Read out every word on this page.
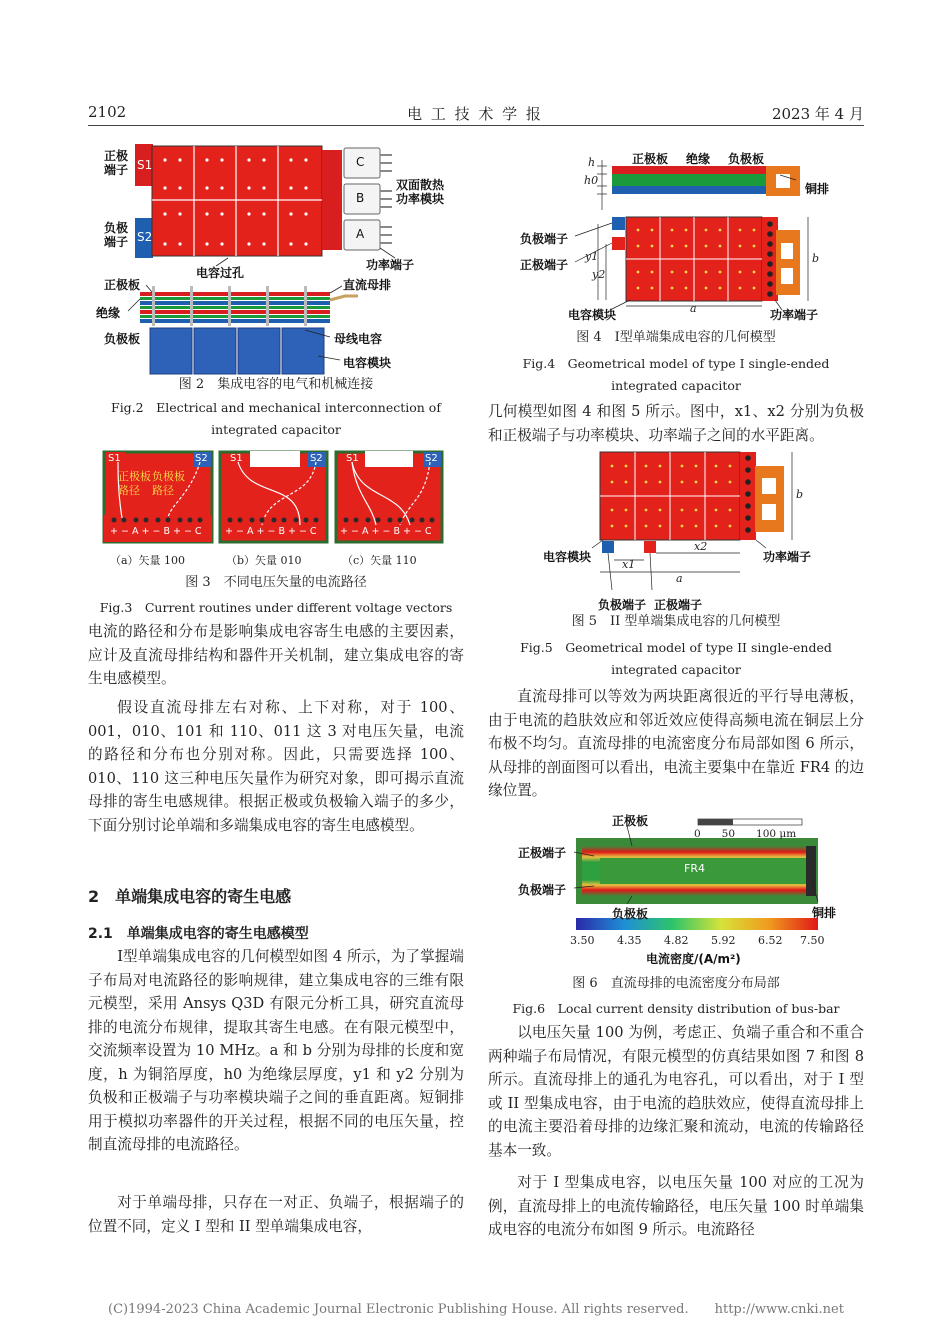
2102	电 工 技 术 学 报	2023 年 4 月
正极
端子
负极
端子
S1
S2
C
B
A
双面散热
功率模块
功率端子
电容过孔
正极板	直流母排
绝缘
负极板	母线电容
电容模块
图 2　集成电容的电气和机械连接
Fig.2　Electrical and mechanical interconnection of integrated capacitor
正极板
路径
负极板
路径
S1	S2 S1	S2 S1	S2
+ − A + − B + − C + − A + − B + − C + − A + − B + − C
（a）矢量 100	（b）矢量 010	（c）矢量 110
图 3　不同电压矢量的电流路径
Fig.3　Current routines under different voltage vectors

电流的路径和分布是影响集成电容寄生电感的主要因素，应计及直流母排结构和器件开关机制，建立集成电容的寄生电感模型。

假设直流母排左右对称、上下对称，对于 100、001，010、101 和 110、011 这 3 对电压矢量，电流的路径和分布也分别对称。因此，只需要选择 100、010、110 这三种电压矢量作为研究对象，即可揭示直流母排的寄生电感规律。根据正极或负极输入端子的多少，下面分别讨论单端和多端集成电容的寄生电感模型。

2　单端集成电容的寄生电感
2.1　单端集成电容的寄生电感模型

I型单端集成电容的几何模型如图 4 所示，为了掌握端子布局对电流路径的影响规律，建立集成电容的三维有限元模型，采用 Ansys Q3D 有限元分析工具，研究直流母排的电流分布规律，提取其寄生电感。在有限元模型中，交流频率设置为 10 MHz。a 和 b 分别为母排的长度和宽度，h 为铜箔厚度，h0 为绝缘层厚度，y1 和 y2 分别为负极和正极端子与功率模块端子之间的垂直距离。短铜排用于模拟功率器件的开关过程，根据不同的电压矢量，控制直流母排的电流路径。

对于单端母排，只存在一对正、负端子，根据端子的位置不同，定义 I 型和 II 型单端集成电容，

正极板 绝缘 负极板
铜排
负极端子
正极端子
电容模块	功率端子
h
h0
y1
y2
a
b
图 4　I型单端集成电容的几何模型
Fig.4　Geometrical model of type I single-ended integrated capacitor

几何模型如图 4 和图 5 所示。图中，x1、x2 分别为负极和正极端子与功率模块、功率端子之间的水平距离。

电容模块	功率端子
负极端子 正极端子
x1
x2
a
b
图 5　II 型单端集成电容的几何模型
Fig.5　Geometrical model of type II single-ended integrated capacitor

直流母排可以等效为两块距离很近的平行导电薄板，由于电流的趋肤效应和邻近效应使得高频电流在铜层上分布极不均匀。直流母排的电流密度分布局部如图 6 所示，从母排的剖面图可以看出，电流主要集中在靠近 FR4 的边缘位置。

正极板
正极端子
负极端子
负极板	铜排
FR4
0　　50　　100 μm
3.50 4.35 4.82 5.92 6.52 7.50
电流密度/(A/m²)
图 6　直流母排的电流密度分布局部
Fig.6　Local current density distribution of bus-bar

以电压矢量 100 为例，考虑正、负端子重合和不重合两种端子布局情况，有限元模型的仿真结果如图 7 和图 8 所示。直流母排上的通孔为电容孔，可以看出，对于 I 型或 II 型集成电容，由于电流的趋肤效应，使得直流母排上的电流主要沿着母排的边缘汇聚和流动，电流的传输路径基本一致。

对于 I 型集成电容，以电压矢量 100 对应的工况为例，直流母排上的电流传输路径，电压矢量 100 时单端集成电容的电流分布如图 9 所示。电流路径

(C)1994-2023 China Academic Journal Electronic Publishing House. All rights reserved.　　http://www.cnki.net
